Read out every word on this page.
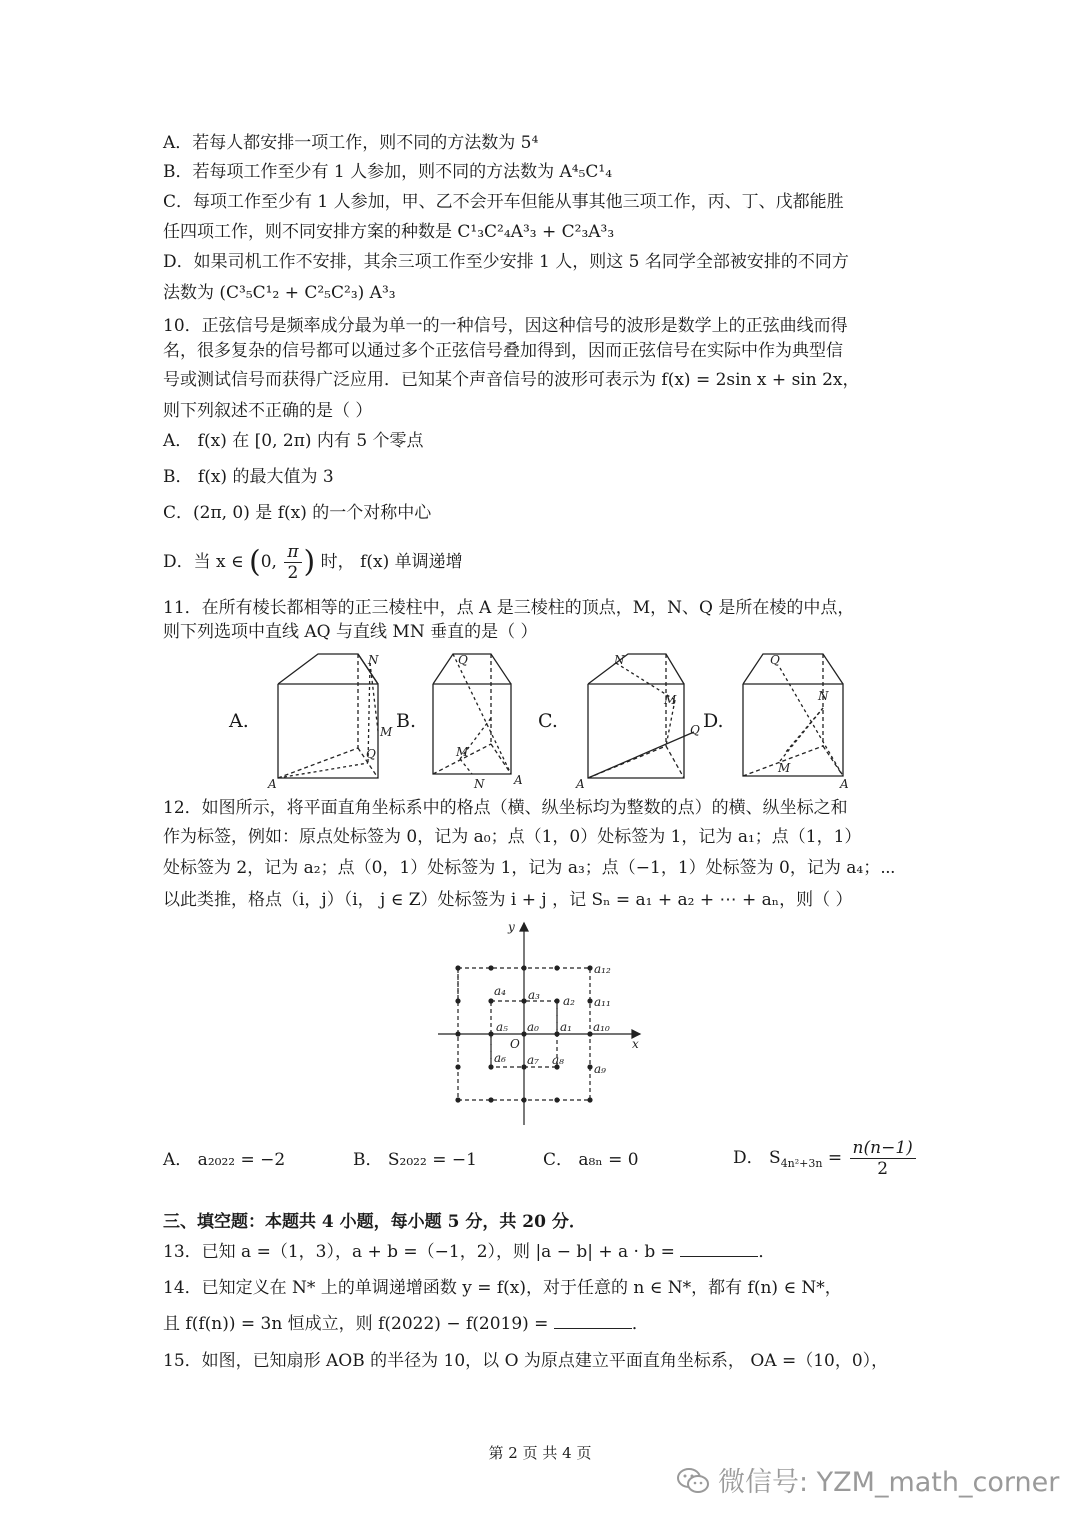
A．若每人都安排一项工作，则不同的方法数为 5⁴
B．若每项工作至少有 1 人参加，则不同的方法数为 A⁴₅C¹₄
C．每项工作至少有 1 人参加，甲、乙不会开车但能从事其他三项工作，丙、丁、戊都能胜
任四项工作，则不同安排方案的种数是 C¹₃C²₄A³₃ + C²₃A³₃
D．如果司机工作不安排，其余三项工作至少安排 1 人，则这 5 名同学全部被安排的不同方
法数为 (C³₅C¹₂ + C²₅C²₃) A³₃
10．正弦信号是频率成分最为单一的一种信号，因这种信号的波形是数学上的正弦曲线而得
名，很多复杂的信号都可以通过多个正弦信号叠加得到，因而正弦信号在实际中作为典型信
号或测试信号而获得广泛应用．已知某个声音信号的波形可表示为 f(x) = 2sin x + sin 2x，
则下列叙述不正确的是（ ）
A． f(x) 在 [0, 2π) 内有 5 个零点
B． f(x) 的最大值为 3
C．(2π, 0) 是 f(x) 的一个对称中心
D．当 x ∈ (0, $\frac{\pi}{2}$ ) 时， f(x) 单调递增
11．在所有棱长都相等的正三棱柱中，点 A 是三棱柱的顶点，M，N、Q 是所在棱的中点，
则下列选项中直线 AQ 与直线 MN 垂直的是（ ）
A.	B.	C.	D.
N
M
Q
A
Q
M
N A
N
M
Q
A
Q
N
M
A
12．如图所示，将平面直角坐标系中的格点（横、纵坐标均为整数的点）的横、纵坐标之和
作为标签，例如：原点处标签为 0，记为 a₀；点（1，0）处标签为 1，记为 a₁；点（1，1）
处标签为 2，记为 a₂；点（0，1）处标签为 1，记为 a₃；点（−1，1）处标签为 0，记为 a₄；⋯
以此类推，格点（i，j）（i， j ∈ Z）处标签为 i + j ，记 Sₙ = a₁ + a₂ + ⋯ + aₙ，则（ ）
x
y
O
a₀ a₁
a₂
a₃
a₄
a₅
a₆ a₇ a₈
a₉
a₁₀
a₁₁
a₁₂
A． a₂₀₂₂ = −2	B． S₂₀₂₂ = −1	C． a₈ₙ = 0	D． $S_{4n^2+3n} = \frac{n(n-1)}{2}$
三、填空题：本题共 4 小题，每小题 5 分，共 20 分．
13．已知 a =（1，3），a + b =（−1，2），则 |a − b| + a · b =	．
14．已知定义在 N* 上的单调递增函数 y = f(x)，对于任意的 n ∈ N*，都有 f(n) ∈ N*，
且 f(f(n)) = 3n 恒成立，则 f(2022) − f(2019) =	．
15．如图，已知扇形 AOB 的半径为 10，以 O 为原点建立平面直角坐标系， OA =（10，0），
第 2 页 共 4 页
微信号: YZM_math_corner
